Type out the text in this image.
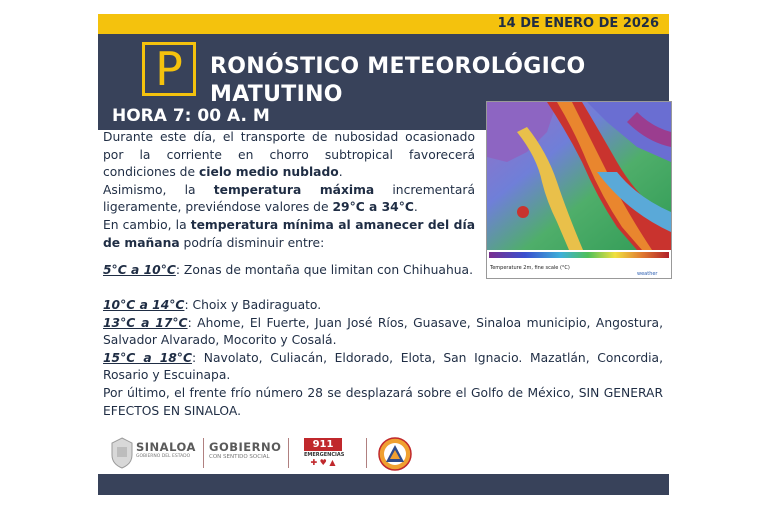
14 DE ENERO DE 2026
P	RONÓSTICO METEOROLÓGICO
MATUTINO
HORA 7: 00 A. M
Temperature 2m, fine scale (°C)
weather

Durante este día, el transporte de nubosidad ocasionado por la corriente en chorro subtropical favorecerá condiciones de cielo medio nublado.

Asimismo, la temperatura máxima incrementará ligeramente, previéndose valores de 29°C a 34°C.

En cambio, la temperatura mínima al amanecer del día de mañana podría disminuir entre:

5°C a 10°C: Zonas de montaña que limitan con Chihuahua.

10°C a 14°C: Choix y Badiraguato.

13°C a 17°C: Ahome, El Fuerte, Juan José Ríos, Guasave, Sinaloa municipio, Angostura, Salvador Alvarado, Mocorito y Cosalá.

15°C a 18°C: Navolato, Culiacán, Eldorado, Elota, San Ignacio. Mazatlán, Concordia, Rosario y Escuinapa.

Por último, el frente frío número 28 se desplazará sobre el Golfo de México, SIN GENERAR EFECTOS EN SINALOA.

SINALOA
GOBIERNO DEL ESTADO
GOBIERNO
CON SENTIDO SOCIAL
911
EMERGENCIAS
✚ ♥ ▲
